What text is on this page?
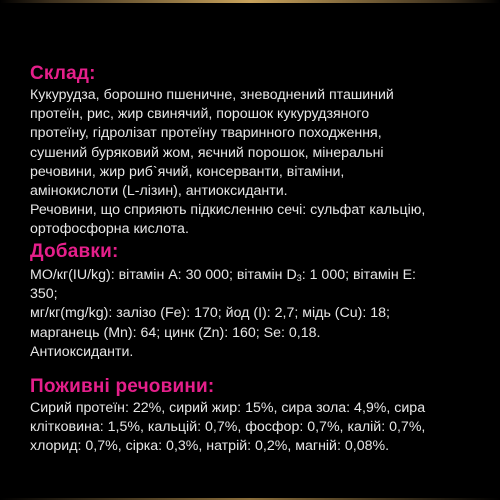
Склад:

Кукурудза, борошно пшеничне, зневоднений пташиний
протеїн, рис, жир свинячий, порошок кукурудзяного
протеїну, гідролізат протеїну тваринного походження,
сушений буряковий жом, яєчний порошок, мінеральні
речовини, жир риб`ячий, консерванти, вітаміни,
амінокислоти (L-лізин), антиоксиданти.
Речовини, що сприяють підкисленню сечі: сульфат кальцію,
ортофосфорна кислота.

Добавки:

МО/кг(IU/kg): вітамін А: 30 000; вітамін $D_3$: 1 000; вітамін Е:
350;
мг/кг(mg/kg): залізо (Fe): 170; йод (I): 2,7; мідь (Cu): 18;
марганець (Mn): 64; цинк (Zn): 160; Se: 0,18.
Антиоксиданти.

Поживні речовини:

Сирий протеїн: 22%, сирий жир: 15%, сира зола: 4,9%, сира
клітковина: 1,5%, кальцій: 0,7%, фосфор: 0,7%, калій: 0,7%,
хлорид: 0,7%, сірка: 0,3%, натрій: 0,2%, магній: 0,08%.
